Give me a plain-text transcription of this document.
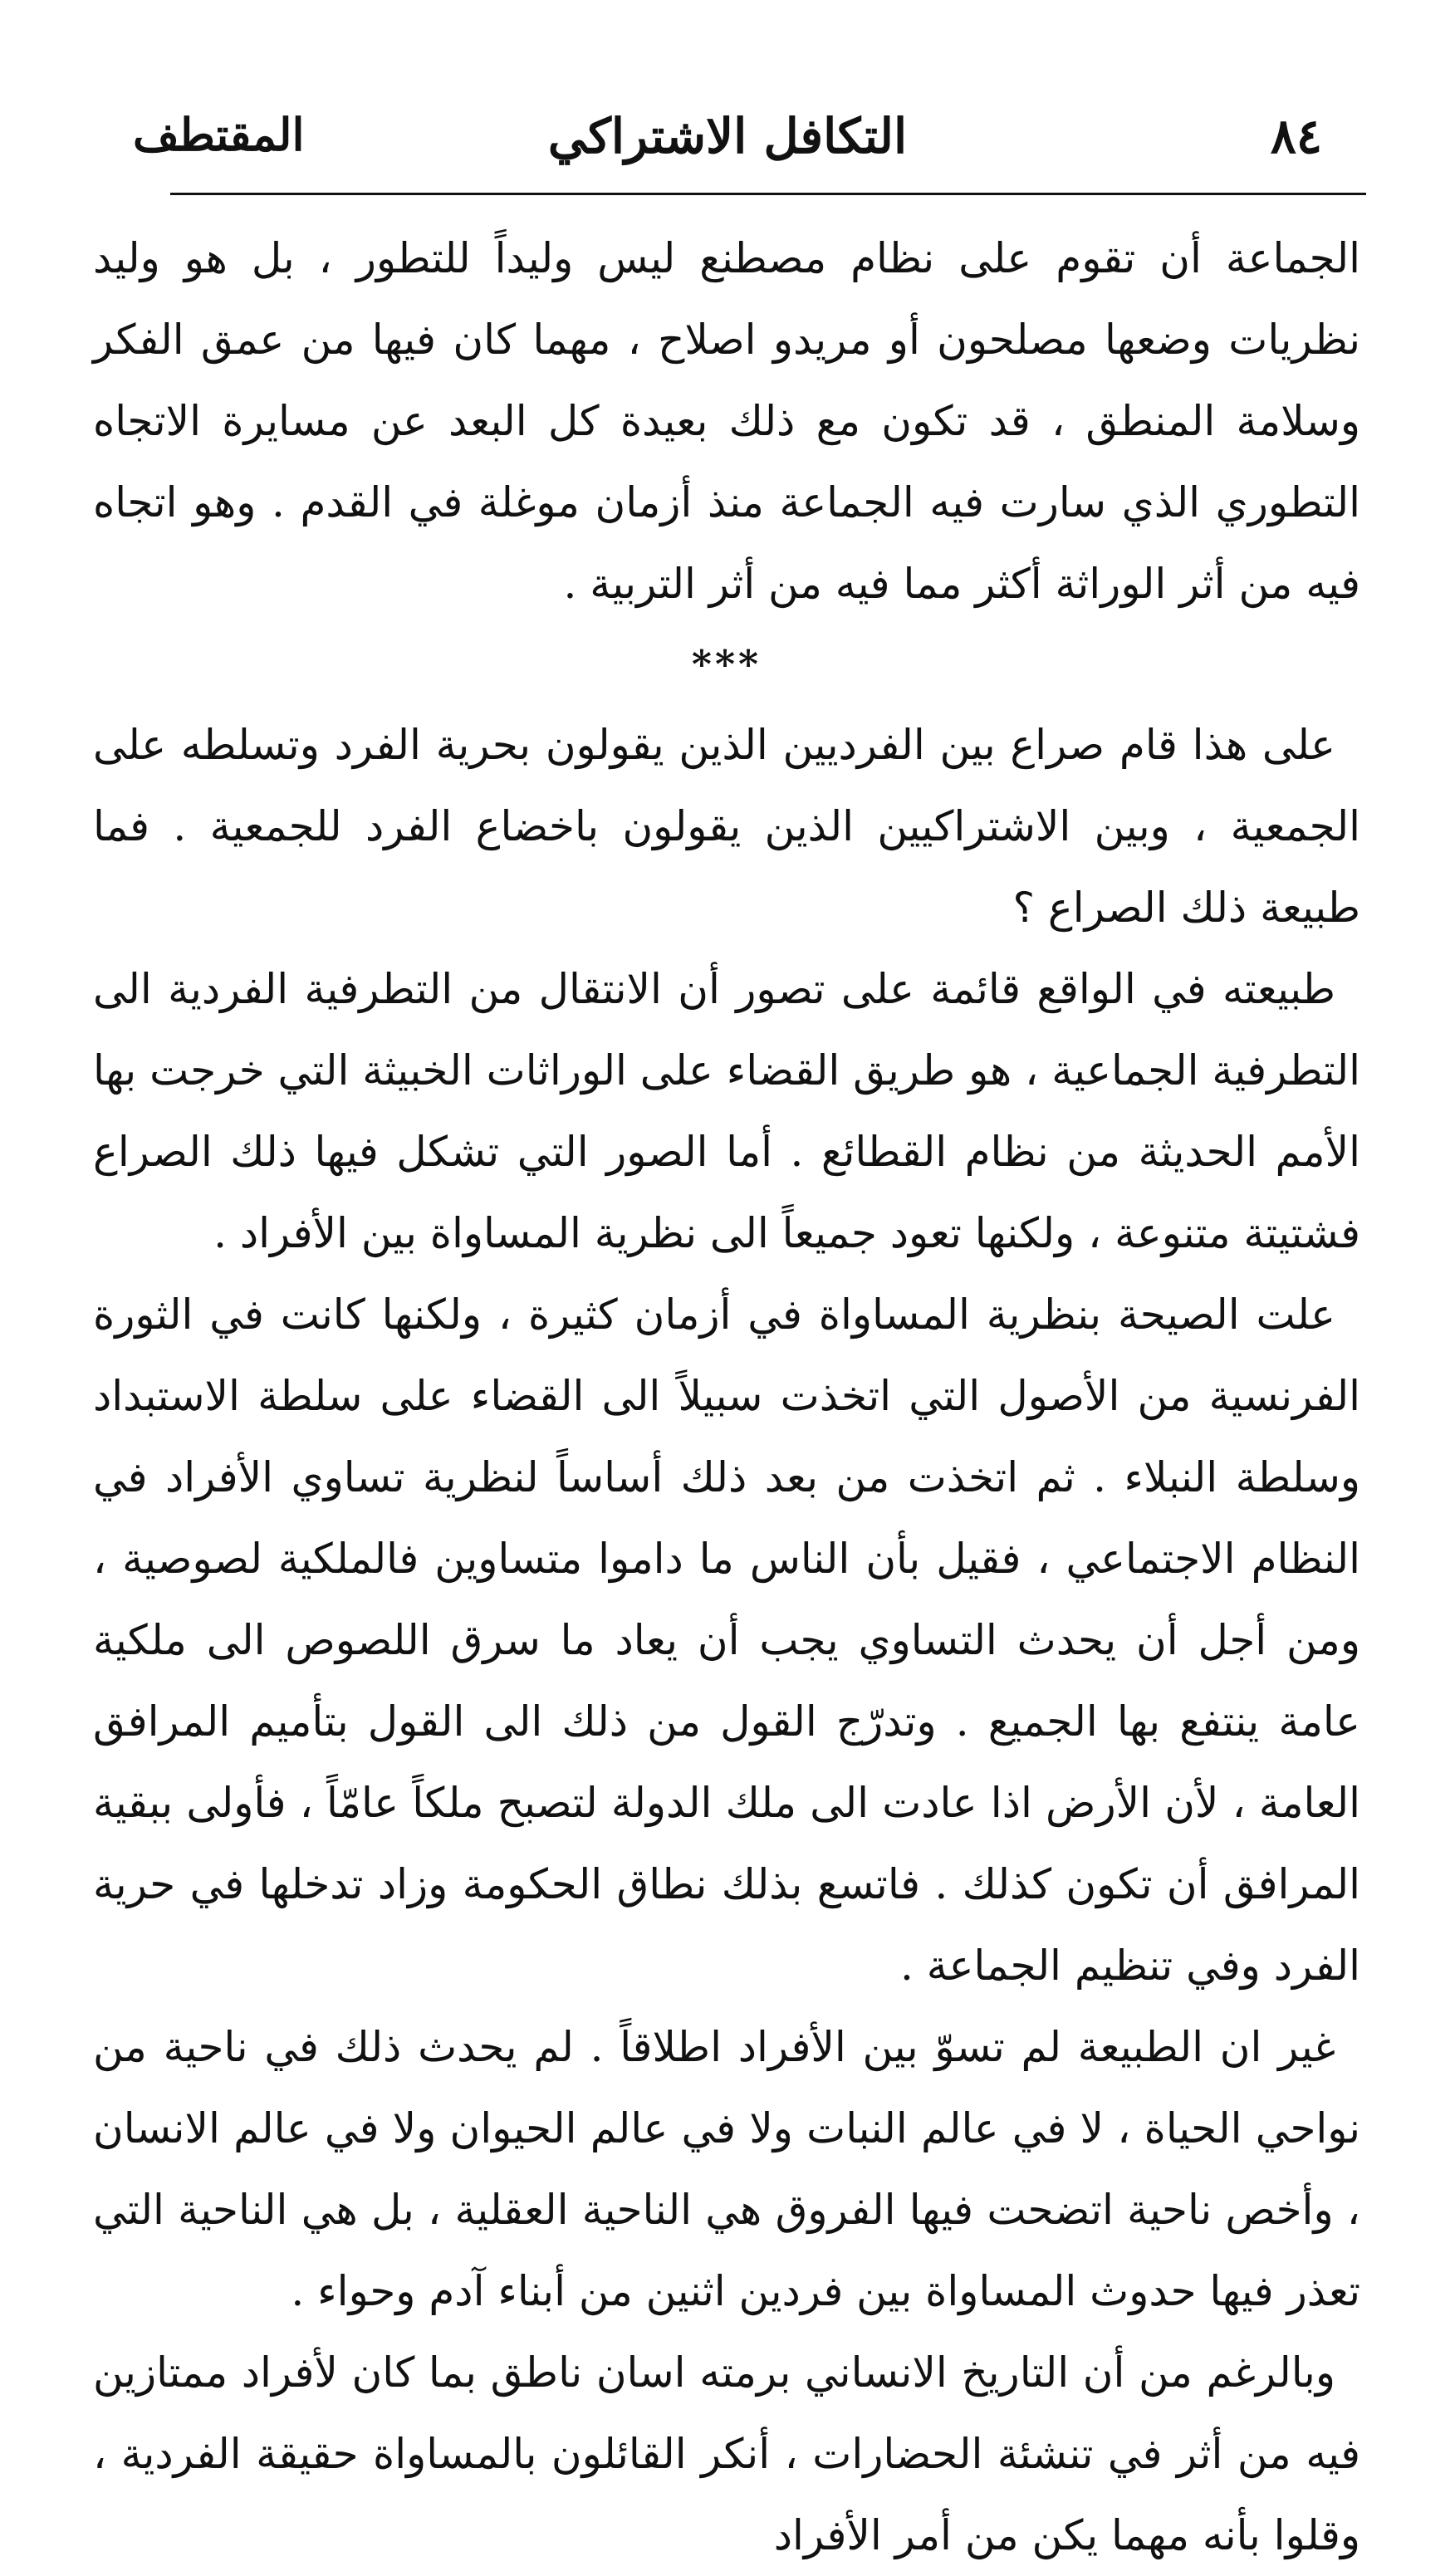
٨٤
التكافل الاشتراكي
المقتطف

الجماعة أن تقوم على نظام مصطنع ليس وليداً للتطور ، بل هو وليد نظريات وضعها مصلحون أو مريدو اصلاح ، مهما كان فيها من عمق الفكر وسلامة المنطق ، قد تكون مع ذلك بعيدة كل البعد عن مسايرة الاتجاه التطوري الذي سارت فيه الجماعة منذ أزمان موغلة في القدم . وهو اتجاه فيه من أثر الوراثة أكثر مما فيه من أثر التربية .

***

على هذا قام صراع بين الفرديين الذين يقولون بحرية الفرد وتسلطه على الجمعية ، وبين الاشتراكيين الذين يقولون باخضاع الفرد للجمعية . فما طبيعة ذلك الصراع ؟

طبيعته في الواقع قائمة على تصور أن الانتقال من التطرفية الفردية الى التطرفية الجماعية ، هو طريق القضاء على الوراثات الخبيثة التي خرجت بها الأمم الحديثة من نظام القطائع . أما الصور التي تشكل فيها ذلك الصراع فشتيتة متنوعة ، ولكنها تعود جميعاً الى نظرية المساواة بين الأفراد .

علت الصيحة بنظرية المساواة في أزمان كثيرة ، ولكنها كانت في الثورة الفرنسية من الأصول التي اتخذت سبيلاً الى القضاء على سلطة الاستبداد وسلطة النبلاء . ثم اتخذت من بعد ذلك أساساً لنظرية تساوي الأفراد في النظام الاجتماعي ، فقيل بأن الناس ما داموا متساوين فالملكية لصوصية ، ومن أجل أن يحدث التساوي يجب أن يعاد ما سرق اللصوص الى ملكية عامة ينتفع بها الجميع . وتدرّج القول من ذلك الى القول بتأميم المرافق العامة ، لأن الأرض اذا عادت الى ملك الدولة لتصبح ملكاً عامّاً ، فأولى ببقية المرافق أن تكون كذلك . فاتسع بذلك نطاق الحكومة وزاد تدخلها في حرية الفرد وفي تنظيم الجماعة .

غير ان الطبيعة لم تسوّ بين الأفراد اطلاقاً . لم يحدث ذلك في ناحية من نواحي الحياة ، لا في عالم النبات ولا في عالم الحيوان ولا في عالم الانسان ، وأخص ناحية اتضحت فيها الفروق هي الناحية العقلية ، بل هي الناحية التي تعذر فيها حدوث المساواة بين فردين اثنين من أبناء آدم وحواء .

وبالرغم من أن التاريخ الانساني برمته اسان ناطق بما كان لأفراد ممتازين فيه من أثر في تنشئة الحضارات ، أنكر القائلون بالمساواة حقيقة الفردية ، وقلوا بأنه مهما يكن من أمر الأفراد
